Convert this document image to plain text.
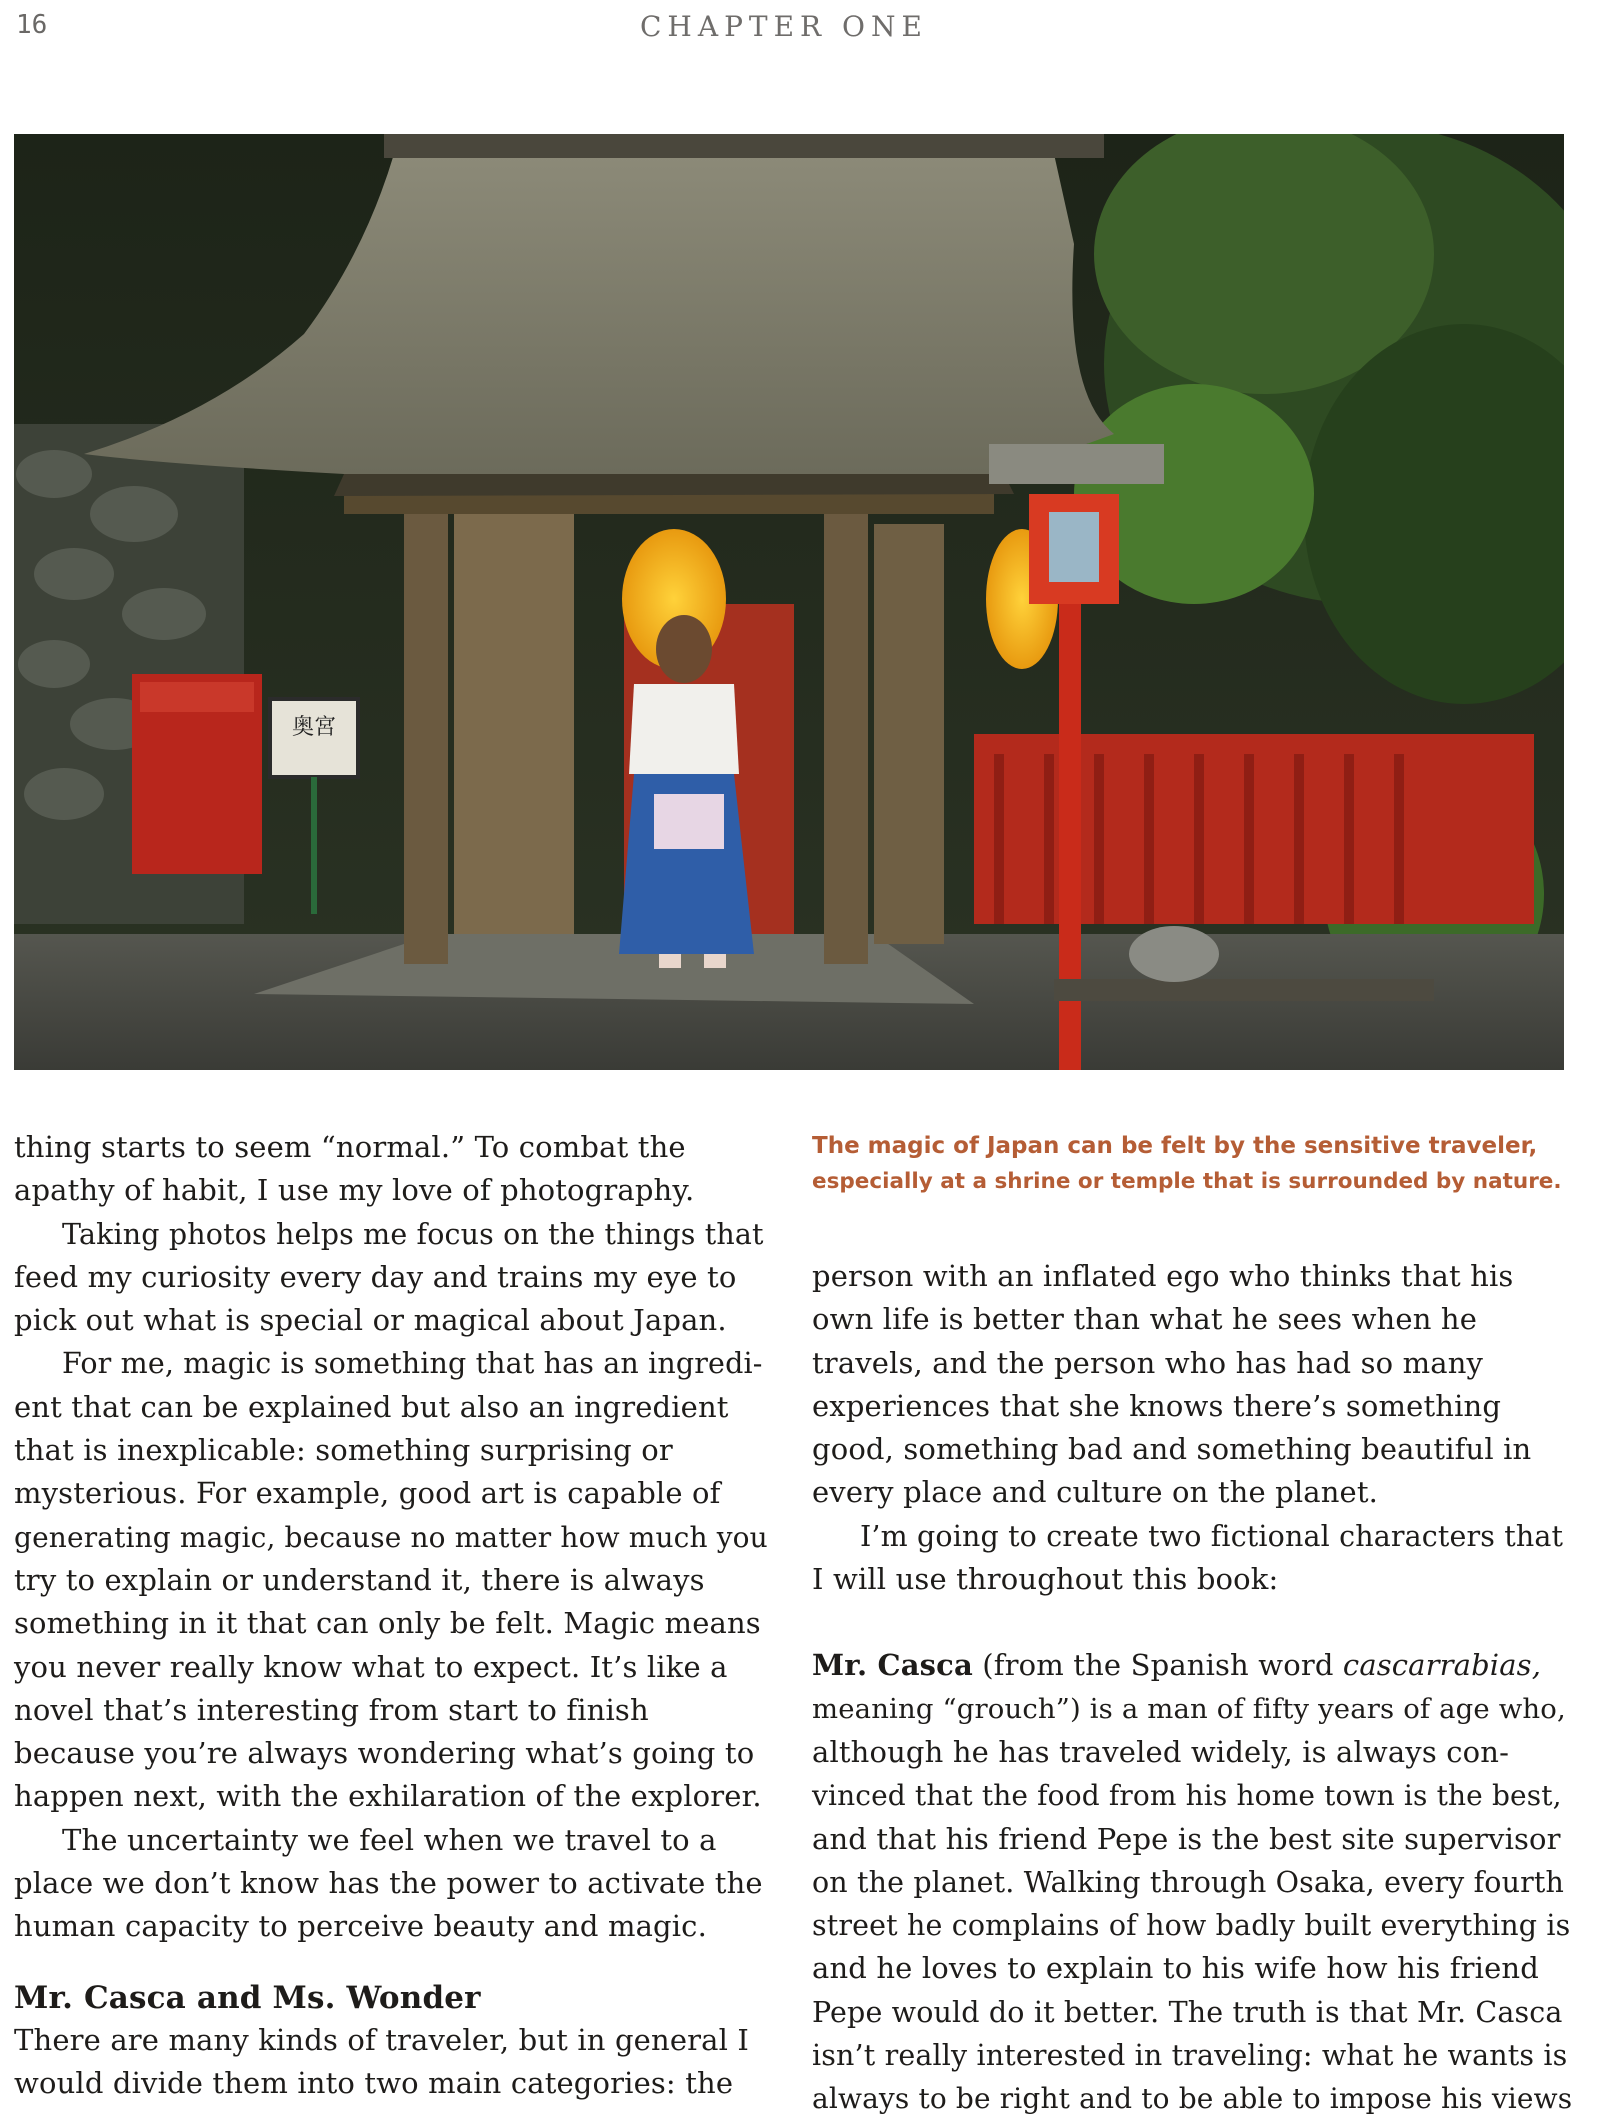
16	CHAPTER ONE
奥宮
The magic of Japan can be felt by the sensitive traveler,
especially at a shrine or temple that is surrounded by nature.
thing starts to seem “normal.” To combat the
apathy of habit, I use my love of photography.
Taking photos helps me focus on the things that
feed my curiosity every day and trains my eye to
pick out what is special or magical about Japan.
For me, magic is something that has an ingredi-
ent that can be explained but also an ingredient
that is inexplicable: something surprising or
mysterious. For example, good art is capable of
generating magic, because no matter how much you
try to explain or understand it, there is always
something in it that can only be felt. Magic means
you never really know what to expect. It’s like a
novel that’s interesting from start to finish
because you’re always wondering what’s going to
happen next, with the exhilaration of the explorer.
The uncertainty we feel when we travel to a
place we don’t know has the power to activate the
human capacity to perceive beauty and magic.
Mr. Casca and Ms. Wonder
There are many kinds of traveler, but in general I
would divide them into two main categories: the
person with an inflated ego who thinks that his
own life is better than what he sees when he
travels, and the person who has had so many
experiences that she knows there’s something
good, something bad and something beautiful in
every place and culture on the planet.
I’m going to create two fictional characters that
I will use throughout this book:
Mr. Casca (from the Spanish word cascarrabias,
meaning “grouch”) is a man of fifty years of age who,
although he has traveled widely, is always con-
vinced that the food from his home town is the best,
and that his friend Pepe is the best site supervisor
on the planet. Walking through Osaka, every fourth
street he complains of how badly built everything is
and he loves to explain to his wife how his friend
Pepe would do it better. The truth is that Mr. Casca
isn’t really interested in traveling: what he wants is
always to be right and to be able to impose his views
